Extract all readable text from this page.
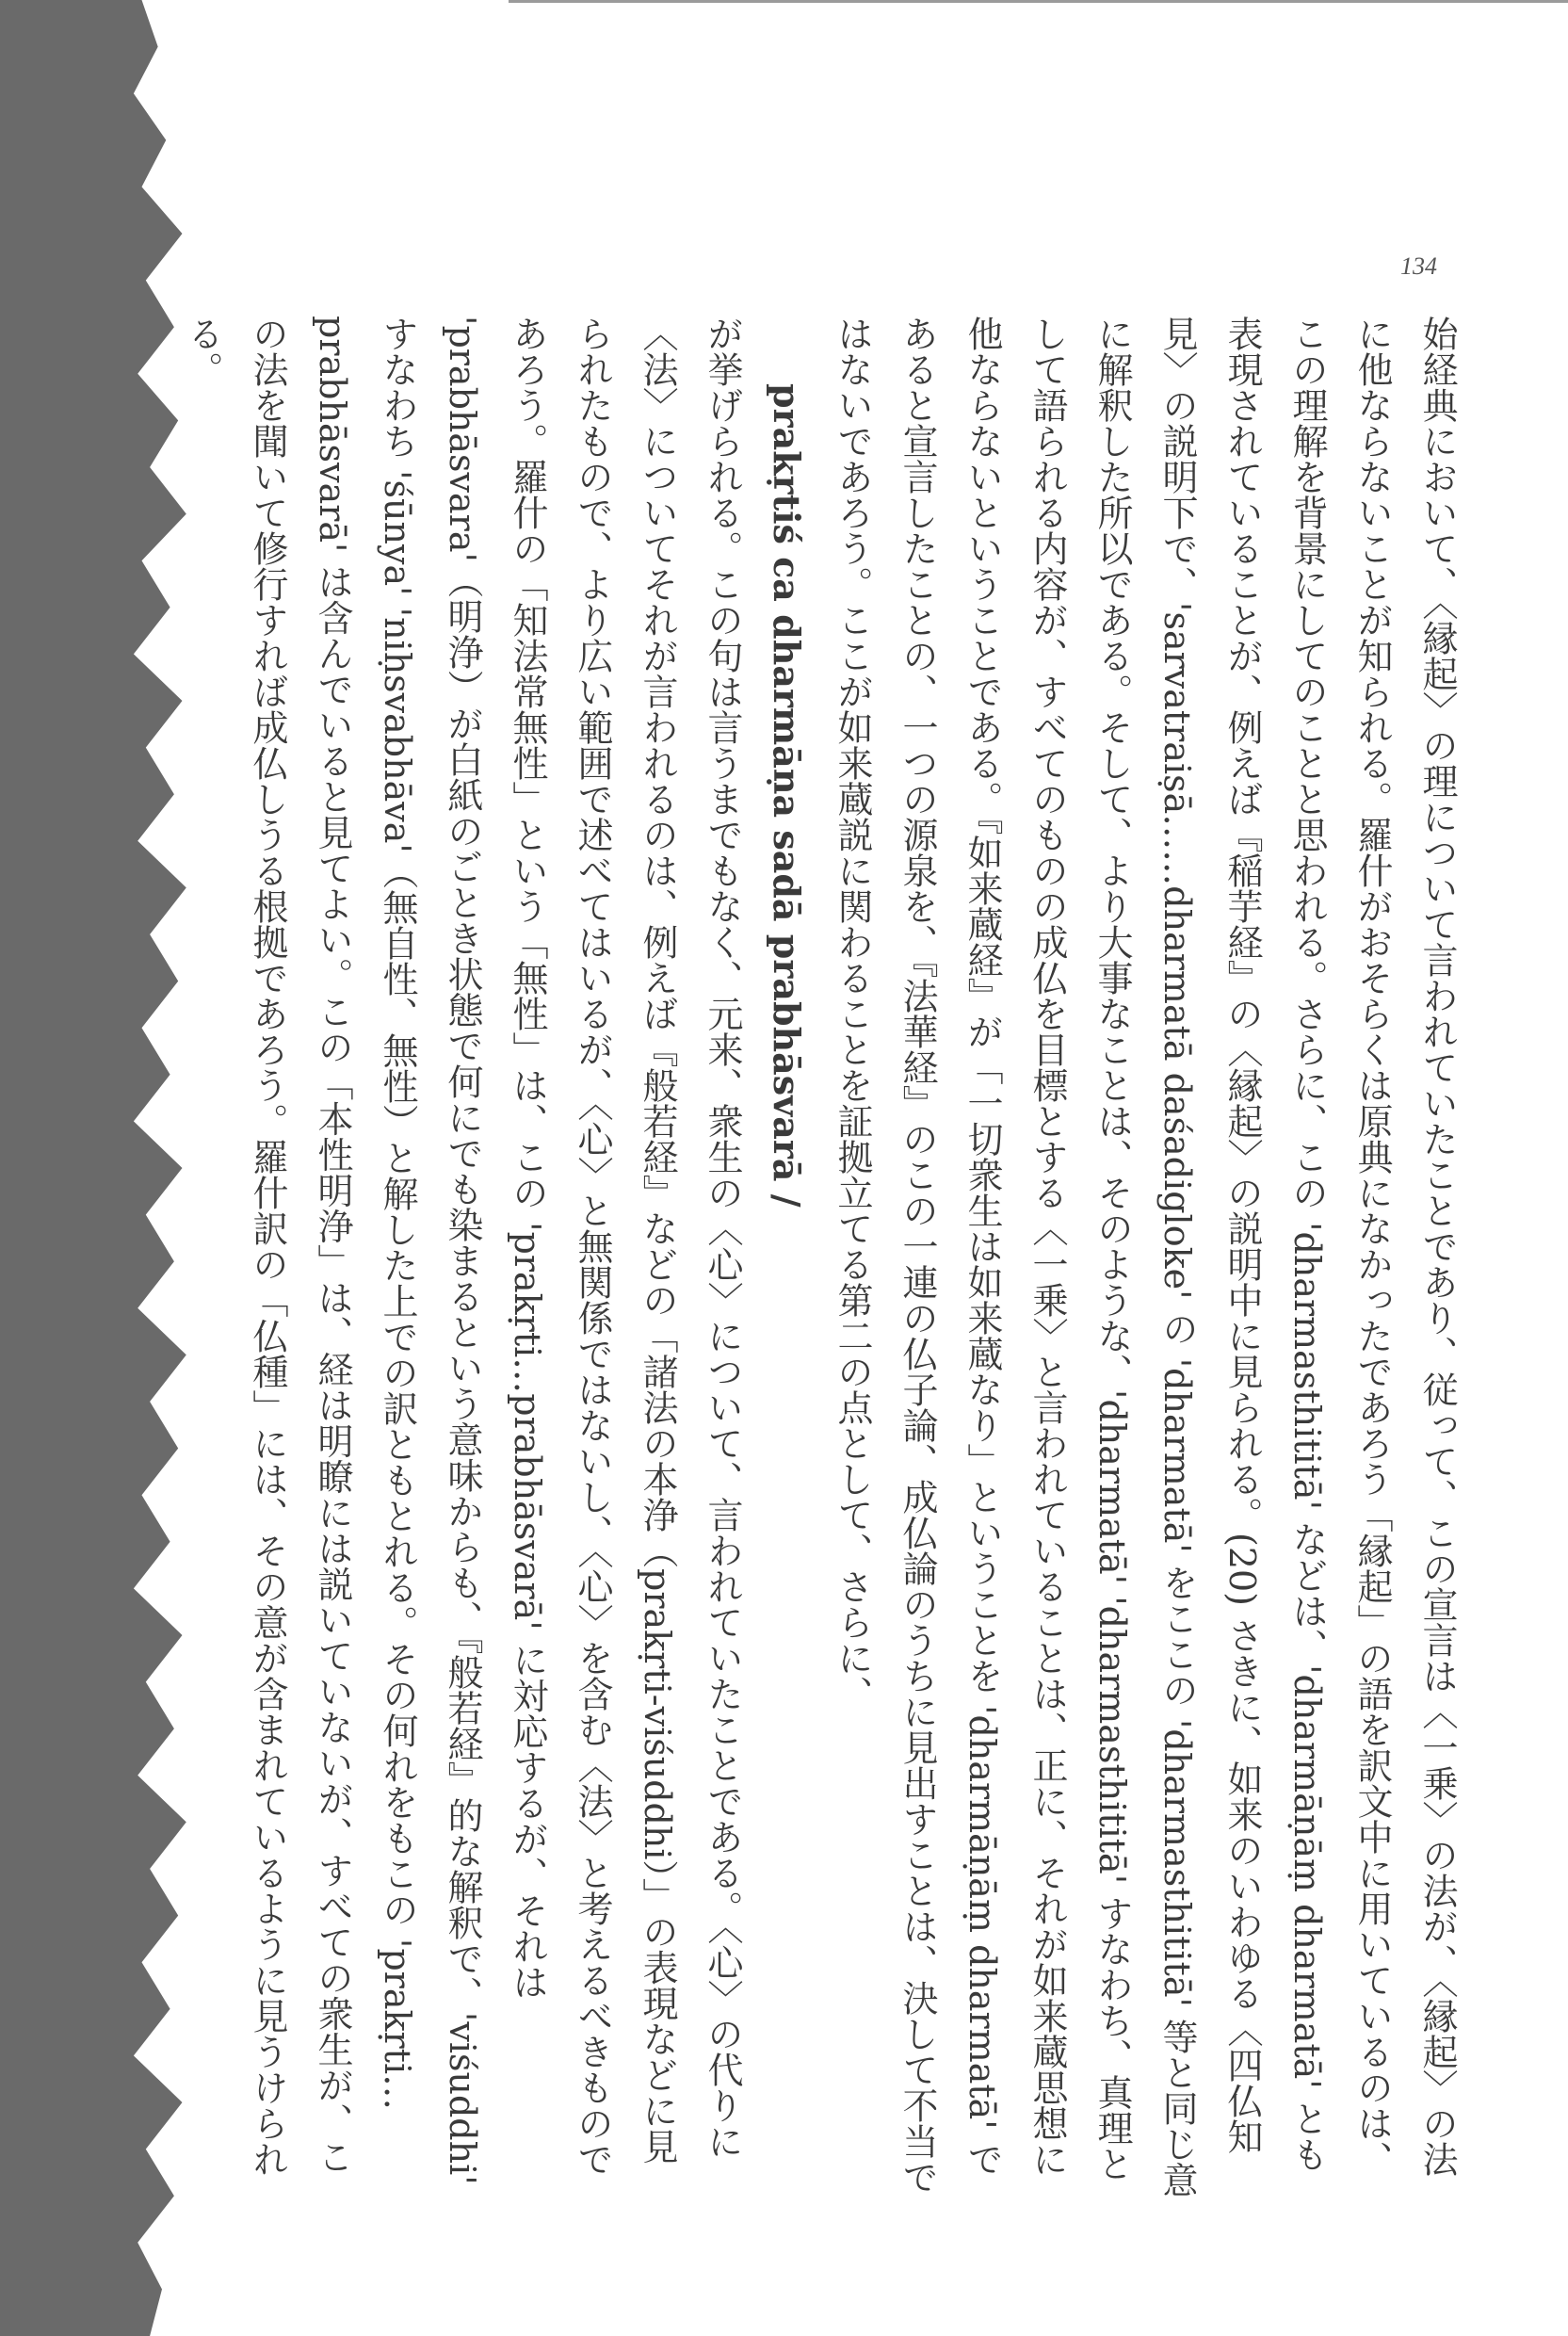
134

始経典において、〈縁起〉の理について言われていたことであり、従って、この宣言は〈一乗〉の法が、〈縁起〉の法に他ならないことが知られる。羅什がおそらくは原典になかったであろう「縁起」の語を訳文中に用いているのは、この理解を背景にしてのことと思われる。さらに、この 'dharmasthititā' などは、'dharmāṇāṃ dharmatā' とも表現されていることが、例えば『稲芋経』の〈縁起〉の説明中に見られる。(20) さきに、如来のいわゆる〈四仏知見〉の説明下で、'sarvatraiṣā……dharmatā daśadigloke' の 'dharmatā' をここの 'dharmasthititā' 等と同じ意に解釈した所以である。そして、より大事なことは、そのような、'dharmatā' 'dharmasthititā' すなわち、真理として語られる内容が、すべてのものの成仏を目標とする〈一乗〉と言われていることは、正に、それが如来蔵思想に他ならないということである。『如来蔵経』が「一切衆生は如来蔵なり」ということを 'dharmāṇāṃ dharmatā' であると宣言したことの、一つの源泉を、『法華経』のこの一連の仏子論、成仏論のうちに見出すことは、決して不当ではないであろう。ここが如来蔵説に関わることを証拠立てる第二の点として、さらに、

prakṛtiś ca dharmāṇa sadā prabhāsvarā /

が挙げられる。この句は言うまでもなく、元来、衆生の〈心〉について、言われていたことである。〈心〉の代りに〈法〉についてそれが言われるのは、例えば『般若経』などの「諸法の本浄（prakṛti-viśuddhi）」の表現などに見られたもので、より広い範囲で述べてはいるが、〈心〉と無関係ではないし、〈心〉を含む〈法〉と考えるべきものであろう。羅什の「知法常無性」という「無性」は、この 'prakṛti…prabhāsvarā' に対応するが、それは 'prabhāsvara'（明浄）が白紙のごとき状態で何にでも染まるという意味からも、『般若経』的な解釈で、'viśuddhi' すなわち 'śūnya' 'niḥsvabhāva'（無自性、無性）と解した上での訳ともとれる。その何れをもこの 'prakṛti…prabhāsvarā' は含んでいると見てよい。この「本性明浄」は、経は明瞭には説いていないが、すべての衆生が、この法を聞いて修行すれば成仏しうる根拠であろう。羅什訳の「仏種」には、その意が含まれているように見うけられる。
